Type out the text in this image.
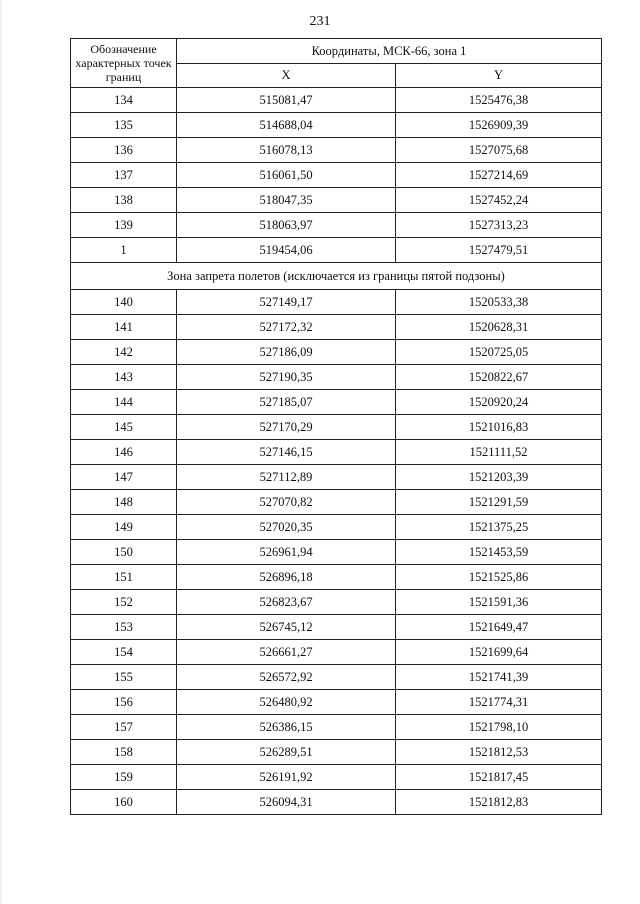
231
Обозначение характерных точек границ	Координаты, МСК-66, зона 1	
	X	Y
134	515081,47	1525476,38
135	514688,04	1526909,39
136	516078,13	1527075,68
137	516061,50	1527214,69
138	518047,35	1527452,24
139	518063,97	1527313,23
1	519454,06	1527479,51
Зона запрета полетов (исключается из границы пятой подзоны)		
140	527149,17	1520533,38
141	527172,32	1520628,31
142	527186,09	1520725,05
143	527190,35	1520822,67
144	527185,07	1520920,24
145	527170,29	1521016,83
146	527146,15	1521111,52
147	527112,89	1521203,39
148	527070,82	1521291,59
149	527020,35	1521375,25
150	526961,94	1521453,59
151	526896,18	1521525,86
152	526823,67	1521591,36
153	526745,12	1521649,47
154	526661,27	1521699,64
155	526572,92	1521741,39
156	526480,92	1521774,31
157	526386,15	1521798,10
158	526289,51	1521812,53
159	526191,92	1521817,45
160	526094,31	1521812,83
